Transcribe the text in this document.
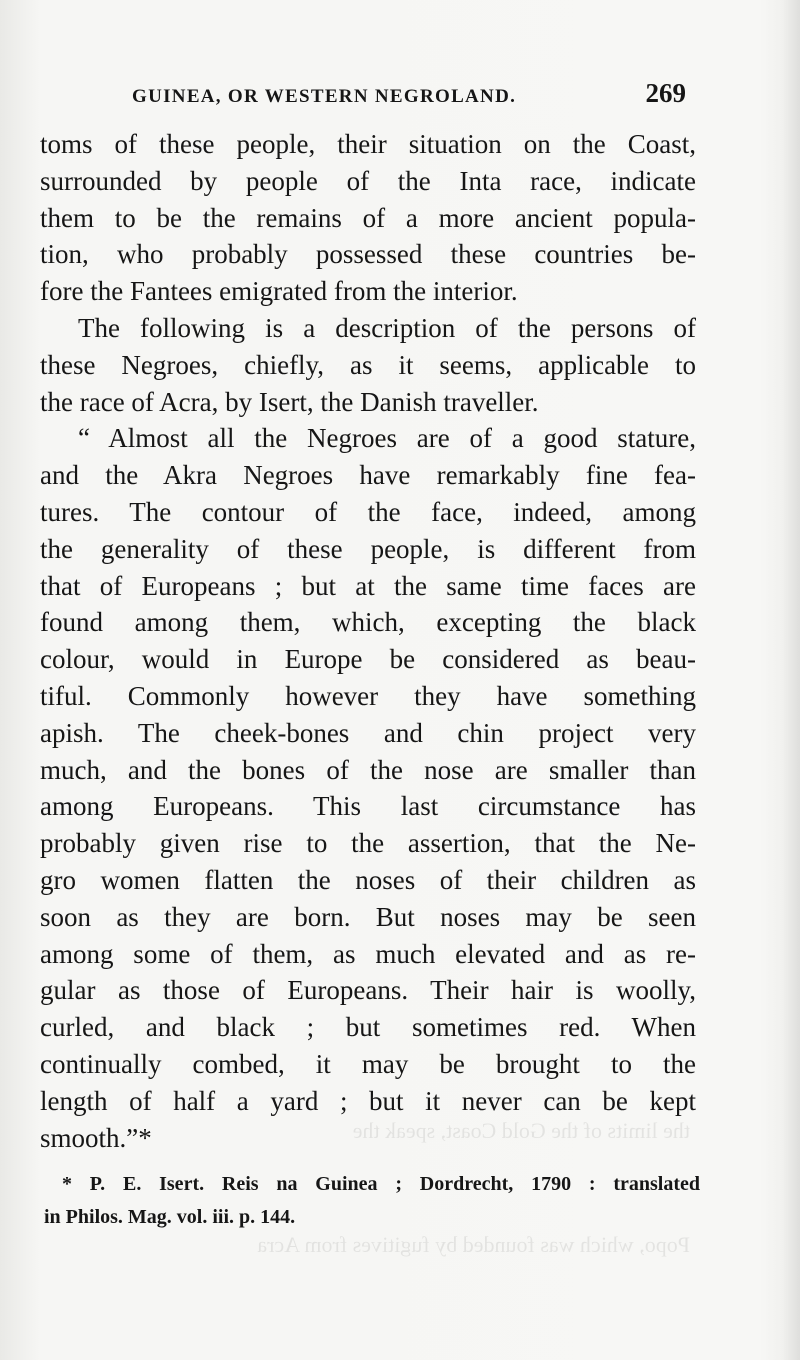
the limits of the Gold Coast, speak the
Popo, which was founded by fugitives from Acra
GUINEA, OR WESTERN NEGROLAND.	269
toms of these people, their situation on the Coast,
surrounded by people of the Inta race, indicate
them to be the remains of a more ancient popula-
tion, who probably possessed these countries be-
fore the Fantees emigrated from the interior.
The following is a description of the persons of
these Negroes, chiefly, as it seems, applicable to
the race of Acra, by Isert, the Danish traveller.
“ Almost all the Negroes are of a good stature,
and the Akra Negroes have remarkably fine fea-
tures. The contour of the face, indeed, among
the generality of these people, is different from
that of Europeans ; but at the same time faces are
found among them, which, excepting the black
colour, would in Europe be considered as beau-
tiful. Commonly however they have something
apish. The cheek-bones and chin project very
much, and the bones of the nose are smaller than
among Europeans. This last circumstance has
probably given rise to the assertion, that the Ne-
gro women flatten the noses of their children as
soon as they are born. But noses may be seen
among some of them, as much elevated and as re-
gular as those of Europeans. Their hair is woolly,
curled, and black ; but sometimes red. When
continually combed, it may be brought to the
length of half a yard ; but it never can be kept
smooth.”*
* P. E. Isert. Reis na Guinea ; Dordrecht, 1790 : translated
in Philos. Mag. vol. iii. p. 144.
